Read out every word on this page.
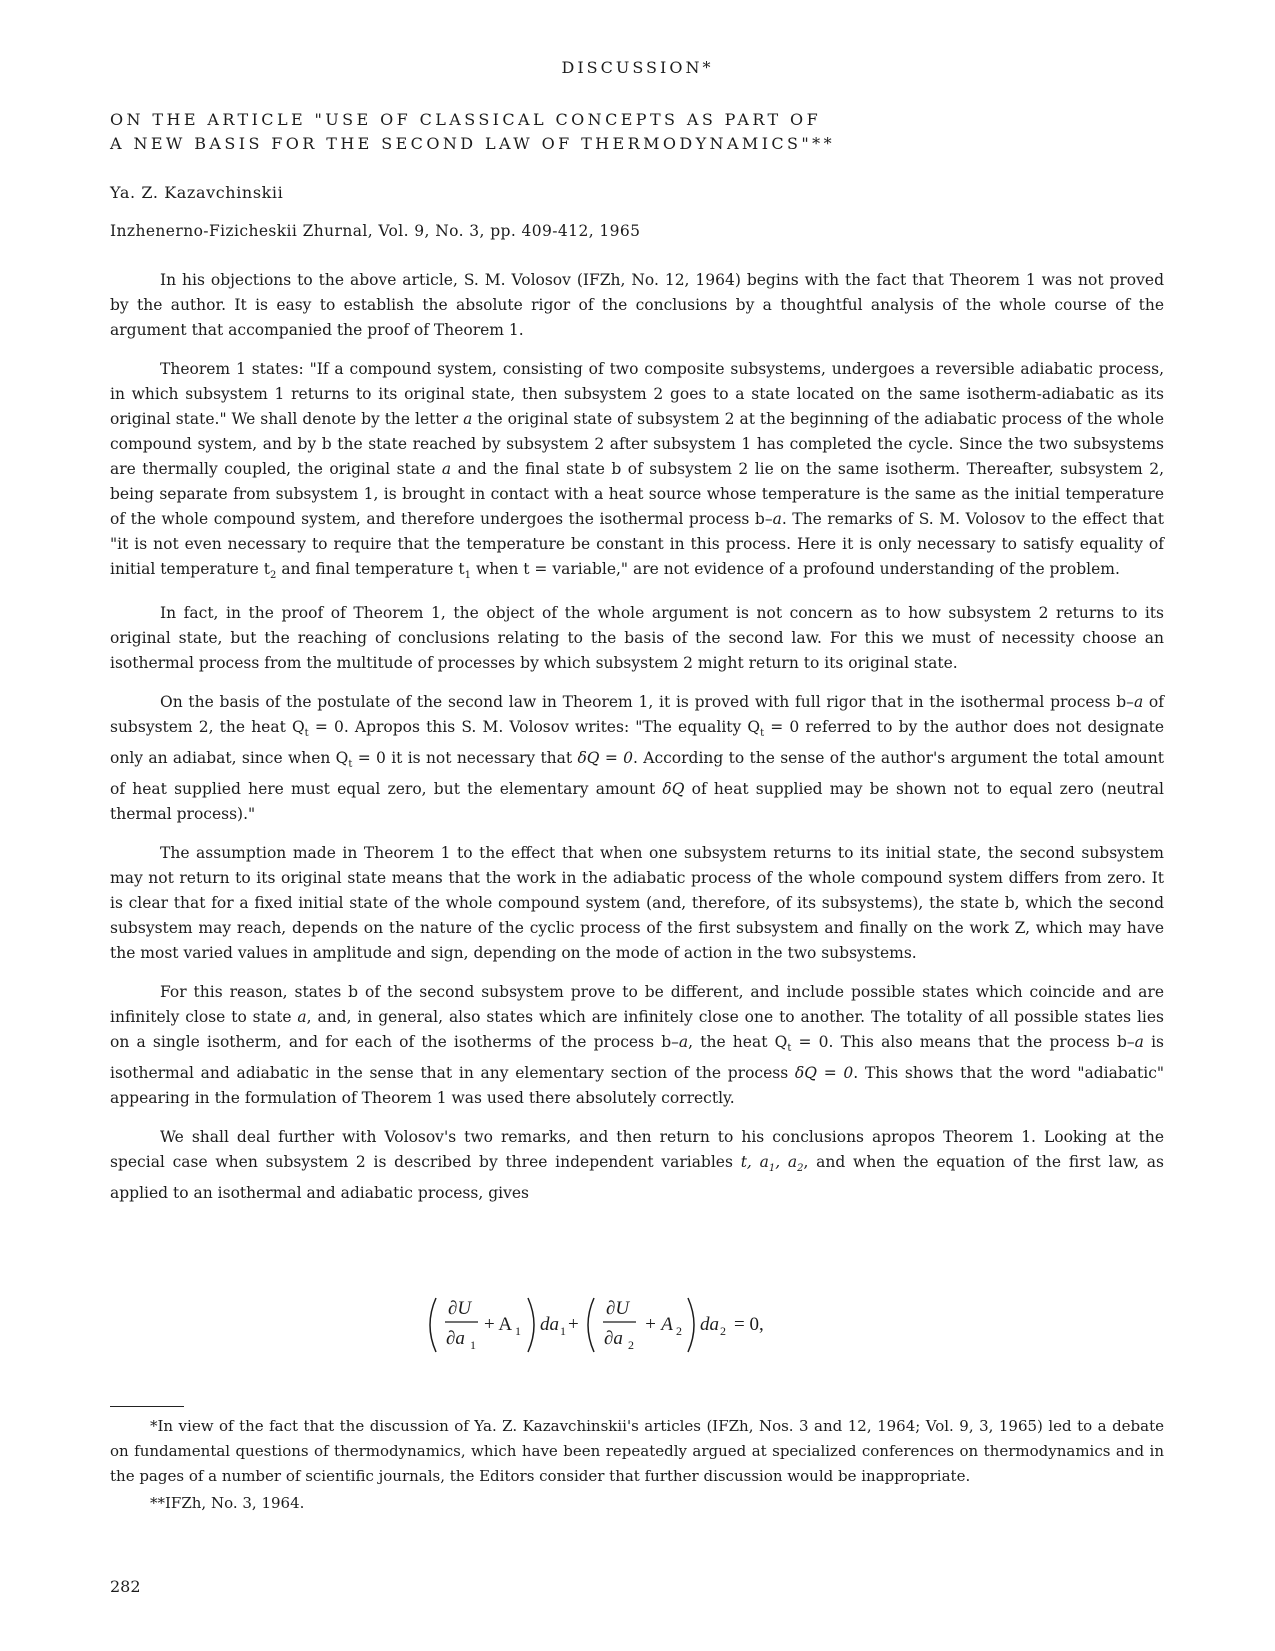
DISCUSSION*
ON THE ARTICLE "USE OF CLASSICAL CONCEPTS AS PART OF
A NEW BASIS FOR THE SECOND LAW OF THERMODYNAMICS"**
Ya. Z. Kazavchinskii
Inzhenerno-Fizicheskii Zhurnal, Vol. 9, No. 3, pp. 409-412, 1965

In his objections to the above article, S. M. Volosov (IFZh, No. 12, 1964) begins with the fact that Theorem 1 was not proved by the author. It is easy to establish the absolute rigor of the conclusions by a thoughtful analysis of the whole course of the argument that accompanied the proof of Theorem 1.

Theorem 1 states: "If a compound system, consisting of two composite subsystems, undergoes a reversible adiabatic process, in which subsystem 1 returns to its original state, then subsystem 2 goes to a state located on the same isotherm-adiabatic as its original state." We shall denote by the letter a the original state of subsystem 2 at the beginning of the adiabatic process of the whole compound system, and by b the state reached by subsystem 2 after subsystem 1 has completed the cycle. Since the two subsystems are thermally coupled, the original state a and the final state b of subsystem 2 lie on the same isotherm. Thereafter, subsystem 2, being separate from subsystem 1, is brought in contact with a heat source whose temperature is the same as the initial temperature of the whole compound system, and therefore undergoes the isothermal process b–a. The remarks of S. M. Volosov to the effect that "it is not even necessary to require that the temperature be constant in this process. Here it is only necessary to satisfy equality of initial temperature $t_2$ and final temperature $t_1$ when t = variable," are not evidence of a profound understanding of the problem.

In fact, in the proof of Theorem 1, the object of the whole argument is not concern as to how subsystem 2 returns to its original state, but the reaching of conclusions relating to the basis of the second law. For this we must of necessity choose an isothermal process from the multitude of processes by which subsystem 2 might return to its original state.

On the basis of the postulate of the second law in Theorem 1, it is proved with full rigor that in the isothermal process b–a of subsystem 2, the heat $Q_t = 0$. Apropos this S. M. Volosov writes: "The equality $Q_t = 0$ referred to by the author does not designate only an adiabat, since when $Q_t = 0$ it is not necessary that δQ = 0. According to the sense of the author's argument the total amount of heat supplied here must equal zero, but the elementary amount δQ of heat supplied may be shown not to equal zero (neutral thermal process)."

The assumption made in Theorem 1 to the effect that when one subsystem returns to its initial state, the second subsystem may not return to its original state means that the work in the adiabatic process of the whole compound system differs from zero. It is clear that for a fixed initial state of the whole compound system (and, therefore, of its subsystems), the state b, which the second subsystem may reach, depends on the nature of the cyclic process of the first subsystem and finally on the work Z, which may have the most varied values in amplitude and sign, depending on the mode of action in the two subsystems.

For this reason, states b of the second subsystem prove to be different, and include possible states which coincide and are infinitely close to state a, and, in general, also states which are infinitely close one to another. The totality of all possible states lies on a single isotherm, and for each of the isotherms of the process b–a, the heat $Q_t = 0$. This also means that the process b–a is isothermal and adiabatic in the sense that in any elementary section of the process δQ = 0. This shows that the word "adiabatic" appearing in the formulation of Theorem 1 was used there absolutely correctly.

We shall deal further with Volosov's two remarks, and then return to his conclusions apropos Theorem 1. Looking at the special case when subsystem 2 is described by three independent variables t, $a_1$, $a_2$, and when the equation of the first law, as applied to an isothermal and adiabatic process, gives

∂U
∂a 1
+ A 1 da 1 +
∂U
∂a 2
+ A 2 da 2 = 0,

*In view of the fact that the discussion of Ya. Z. Kazavchinskii's articles (IFZh, Nos. 3 and 12, 1964; Vol. 9, 3, 1965) led to a debate on fundamental questions of thermodynamics, which have been repeatedly argued at specialized conferences on thermodynamics and in the pages of a number of scientific journals, the Editors consider that further discussion would be inappropriate.

**IFZh, No. 3, 1964.

282
